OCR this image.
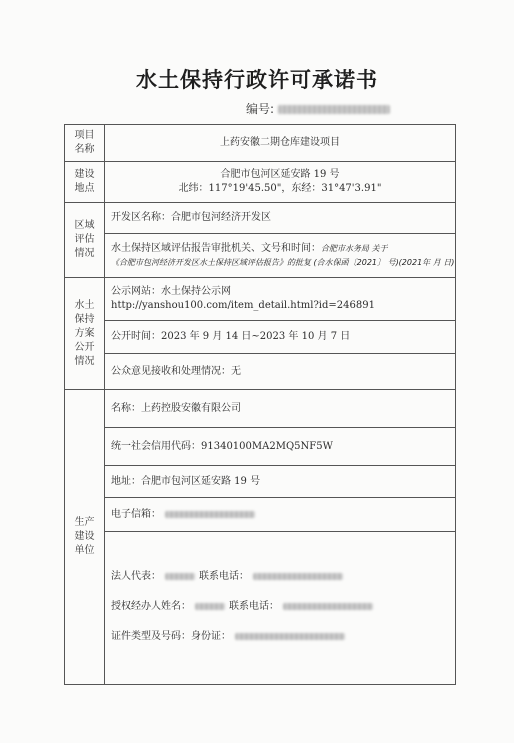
水土保持行政许可承诺书
编号:
项目名称	上药安徽二期仓库建设项目
建设地点	合肥市包河区延安路 19 号
北纬：117°19'45.50"，东经：31°47'3.91"

区域评估情况	开发区名称：合肥市包河经济开发区

	水土保持区域评估报告审批机关、文号和时间：合肥市水务局 关于
《合肥市包河经济开发区水土保持区域评估报告》的批复 (合水保函〔2021〕 号)(2021年 月 日)

水土保持方案公开情况	公示网站：水土保持公示网
http://yanshou100.com/item_detail.html?id=246891

	公开时间：2023 年 9 月 14 日~2023 年 10 月 7 日
	公众意见接收和处理情况：无
生产建设单位	名称：上药控股安徽有限公司
	统一社会信用代码：91340100MA2MQ5NF5W
	地址：合肥市包河区延安路 19 号
	电子信箱：

	法人代表： 联系电话：
授权经办人姓名： 联系电话：
证件类型及号码：身份证：
